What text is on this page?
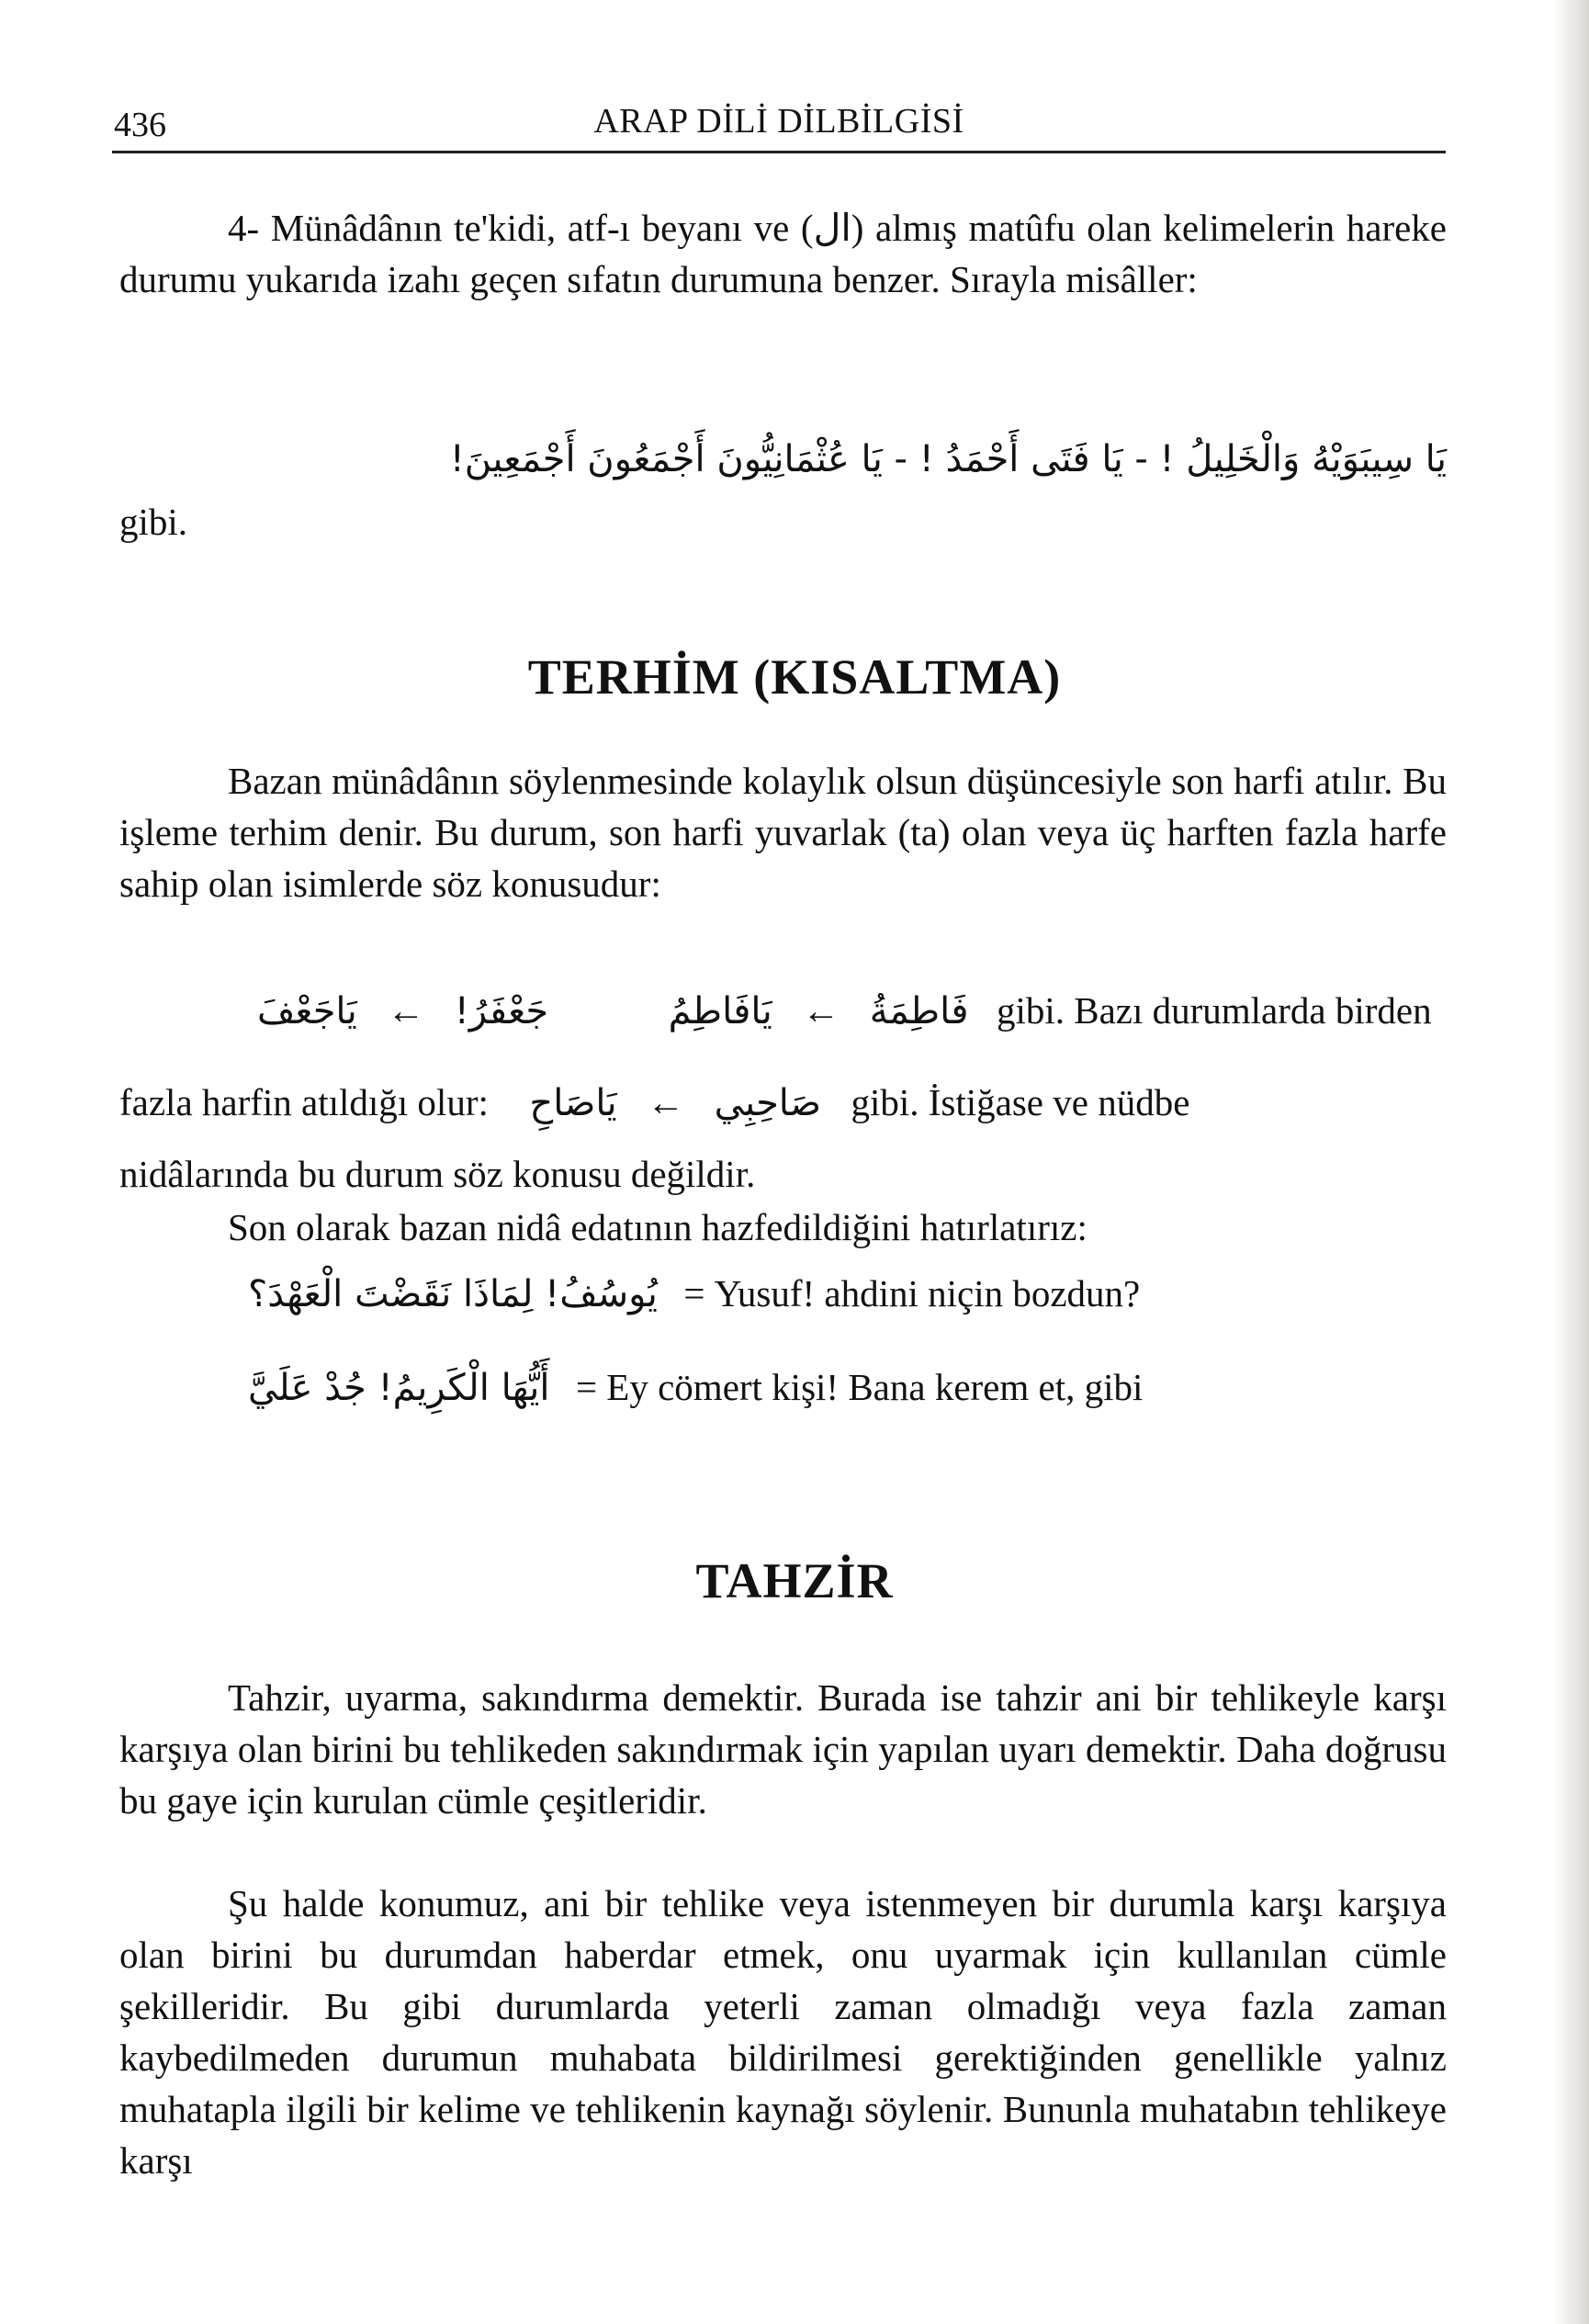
436	ARAP DİLİ DİLBİLGİSİ

4- Münâdânın te'kidi, atf-ı beyanı ve (ال) almış matûfu olan kelimelerin hareke durumu yukarıda izahı geçen sıfatın durumuna benzer. Sırayla misâller:

يَا سِيبَوَيْهُ وَالْخَلِيلُ ! - يَا فَتَى أَحْمَدُ ! - يَا عُثْمَانِيُّونَ أَجْمَعُونَ أَجْمَعِينَ!
gibi.
TERHİM (KISALTMA)

Bazan münâdânın söylenmesinde kolaylık olsun düşüncesiyle son harfi atılır. Bu işleme terhim denir. Bu durum, son harfi yuvarlak (ta) olan veya üç harften fazla harfe sahip olan isimlerde söz konusudur:

يَاجَعْفَ ← جَعْفَرُ!	يَافَاطِمُ ← فَاطِمَةُ gibi. Bazı durumlarda birden
fazla harfin atıldığı olur: يَاصَاحِ ← صَاحِبِي gibi. İstiğase ve nüdbe
nidâlarında bu durum söz konusu değildir.
Son olarak bazan nidâ edatının hazfedildiğini hatırlatırız:
يُوسُفُ! لِمَاذَا نَقَضْتَ الْعَهْدَ؟ = Yusuf! ahdini niçin bozdun?
أَيُّهَا الْكَرِيمُ! جُدْ عَلَيَّ = Ey cömert kişi! Bana kerem et, gibi
TAHZİR

Tahzir, uyarma, sakındırma demektir. Burada ise tahzir ani bir tehlikeyle karşı karşıya olan birini bu tehlikeden sakındırmak için yapılan uyarı demektir. Daha doğrusu bu gaye için kurulan cümle çeşitleridir.

Şu halde konumuz, ani bir tehlike veya istenmeyen bir durumla karşı karşıya olan birini bu durumdan haberdar etmek, onu uyarmak için kullanılan cümle şekilleridir. Bu gibi durumlarda yeterli zaman olmadığı veya fazla zaman kaybedilmeden durumun muhabata bildirilmesi gerektiğinden genellikle yalnız muhatapla ilgili bir kelime ve tehlikenin kaynağı söylenir. Bununla muhatabın tehlikeye karşı
